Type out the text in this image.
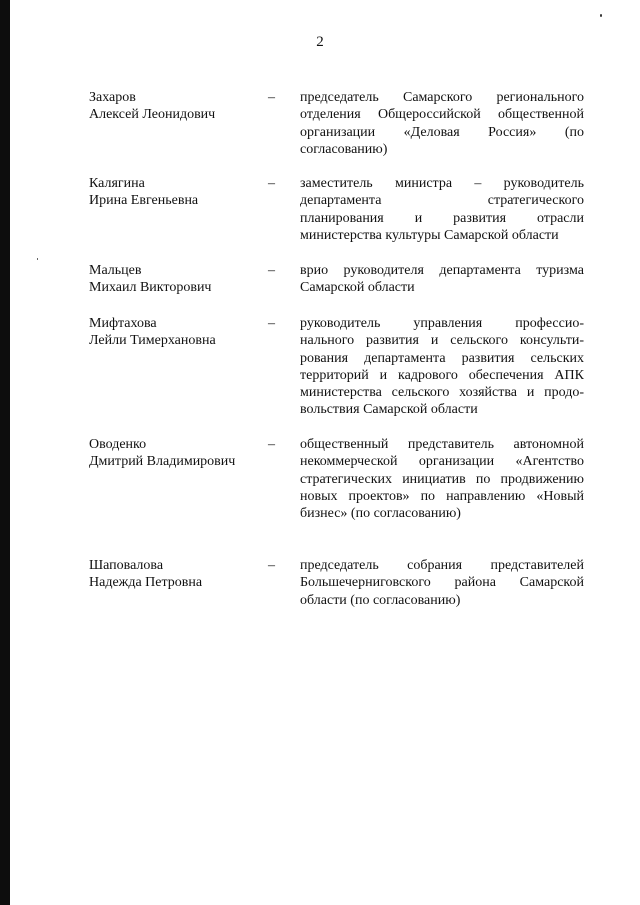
2
Захаров
Алексей Леонидович
– председатель Самарского регионального
отделения Общероссийской общественной
организации «Деловая Россия» (по
согласованию)
Калягина
Ирина Евгеньевна
– заместитель министра – руководитель
департамента стратегического
планирования и развития отрасли
министерства культуры Самарской области
Мальцев
Михаил Викторович
– врио руководителя департамента туризма
Самарской области
Мифтахова
Лейли Тимерхановна
– руководитель управления профессио-
нального развития и сельского консульти-
рования департамента развития сельских
территорий и кадрового обеспечения АПК
министерства сельского хозяйства и продо-
вольствия Самарской области
Оводенко
Дмитрий Владимирович
– общественный представитель автономной
некоммерческой организации «Агентство
стратегических инициатив по продвижению
новых проектов» по направлению «Новый
бизнес» (по согласованию)
Шаповалова
Надежда Петровна
– председатель собрания представителей
Большечерниговского района Самарской
области (по согласованию)
